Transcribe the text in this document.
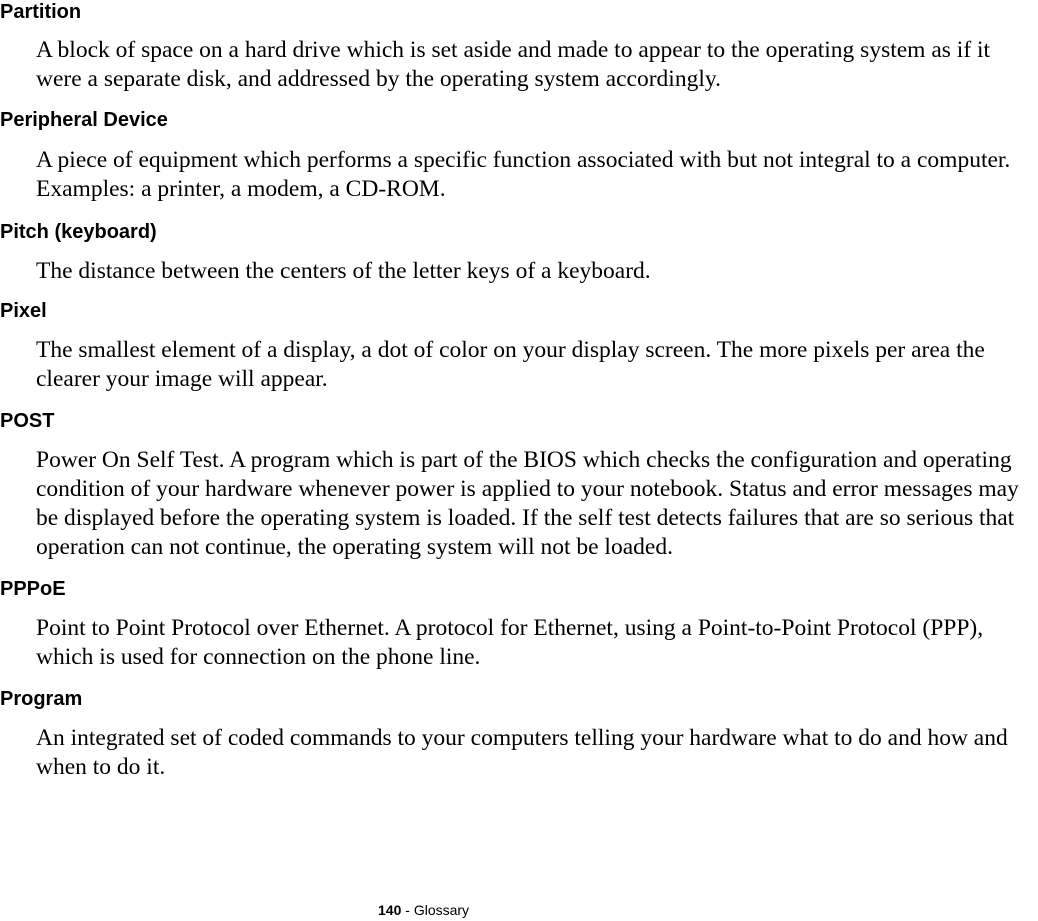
Partition

A block of space on a hard drive which is set aside and made to appear to the operating system as if it were a separate disk, and addressed by the operating system accordingly.

Peripheral Device

A piece of equipment which performs a specific function associated with but not integral to a computer. Examples: a printer, a modem, a CD-ROM.

Pitch (keyboard)

The distance between the centers of the letter keys of a keyboard.

Pixel

The smallest element of a display, a dot of color on your display screen. The more pixels per area the clearer your image will appear.

POST

Power On Self Test. A program which is part of the BIOS which checks the configuration and operating condition of your hardware whenever power is applied to your notebook. Status and error messages may be displayed before the operating system is loaded. If the self test detects failures that are so serious that operation can not continue, the operating system will not be loaded.

PPPoE

Point to Point Protocol over Ethernet. A protocol for Ethernet, using a Point-to-Point Protocol (PPP), which is used for connection on the phone line.

Program

An integrated set of coded commands to your computers telling your hardware what to do and how and when to do it.

140 - Glossary
